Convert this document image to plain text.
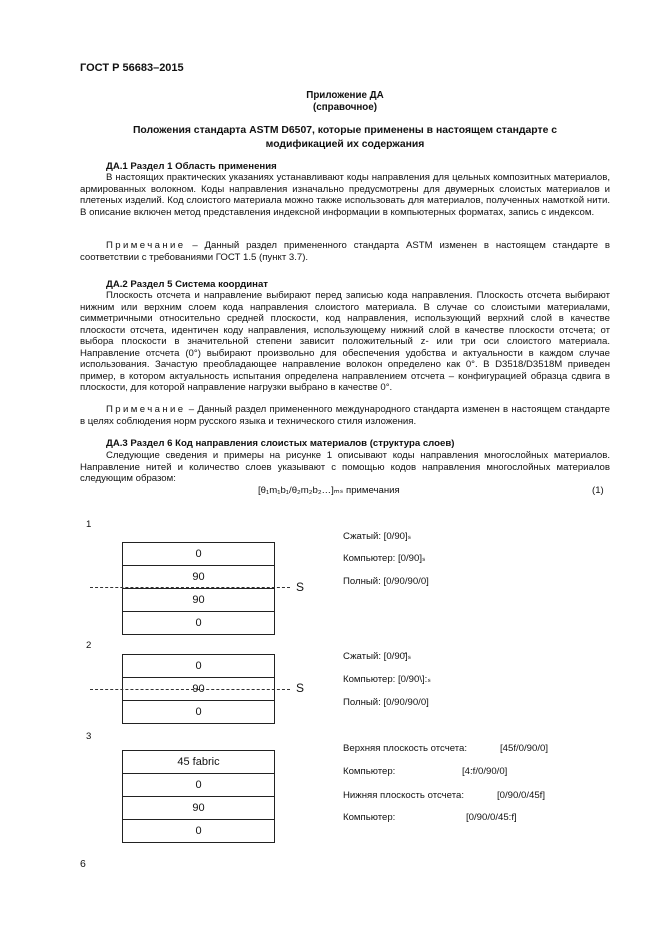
ГОСТ Р 56683–2015
Приложение ДА
(справочное)
Положения стандарта ASTM D6507, которые применены в настоящем стандарте с
модификацией их содержания
ДА.1 Раздел 1 Область применения
В настоящих практических указаниях устанавливают коды направления для цельных композитных материалов, армированных волокном. Коды направления изначально предусмотрены для двумерных слоистых материалов и плетеных изделий. Код слоистого материала можно также использовать для материалов, полученных намоткой нити. В описание включен метод представления индексной информации в компьютерных форматах, запись с индексом.
Примечание – Данный раздел примененного стандарта ASTM изменен в настоящем стандарте в соответствии с требованиями ГОСТ 1.5 (пункт 3.7).
ДА.2 Раздел 5 Система координат
Плоскость отсчета и направление выбирают перед записью кода направления. Плоскость отсчета выбирают нижним или верхним слоем кода направления слоистого материала. В случае со слоистыми материалами, симметричными относительно средней плоскости, код направления, использующий верхний слой в качестве плоскости отсчета, идентичен коду направления, использующему нижний слой в качестве плоскости отсчета; от выбора плоскости в значительной степени зависит положительный z- или три оси слоистого материала. Направление отсчета (0°) выбирают произвольно для обеспечения удобства и актуальности в каждом случае использования. Зачастую преобладающее направление волокон определено как 0°. В D3518/D3518M приведен пример, в котором актуальность испытания определена направлением отсчета – конфигурацией образца сдвига в плоскости, для которой направление нагрузки выбрано в качестве 0°.
Примечание – Данный раздел примененного международного стандарта изменен в настоящем стандарте в целях соблюдения норм русского языка и технического стиля изложения.
ДА.3 Раздел 6 Код направления слоистых материалов (структура слоев)
Следующие сведения и примеры на рисунке 1 описывают коды направления многослойных материалов. Направление нитей и количество слоев указывают с помощью кодов направления многослойных материалов следующим образом:
[θ₁m₁b₁/θ₂m₂b₂…]ₘₛ примечания	(1)
1
0
90
90
0
S
Сжатый: [0/90]ₛ
Компьютер: [0/90]ₛ
Полный: [0/90/90/0]
2
0
90
0
S
Сжатый: [0/90̄]ₛ
Компьютер: [0/90\]:ₛ
Полный: [0/90/90/0]
3
45 fabric
0
90
0
Верхняя плоскость отсчета:	[45f/0/90/0]
Компьютер:	[4:f/0/90/0]
Нижняя плоскость отсчета:	[0/90/0/45f]
Компьютер:	[0/90/0/45:f]
6
